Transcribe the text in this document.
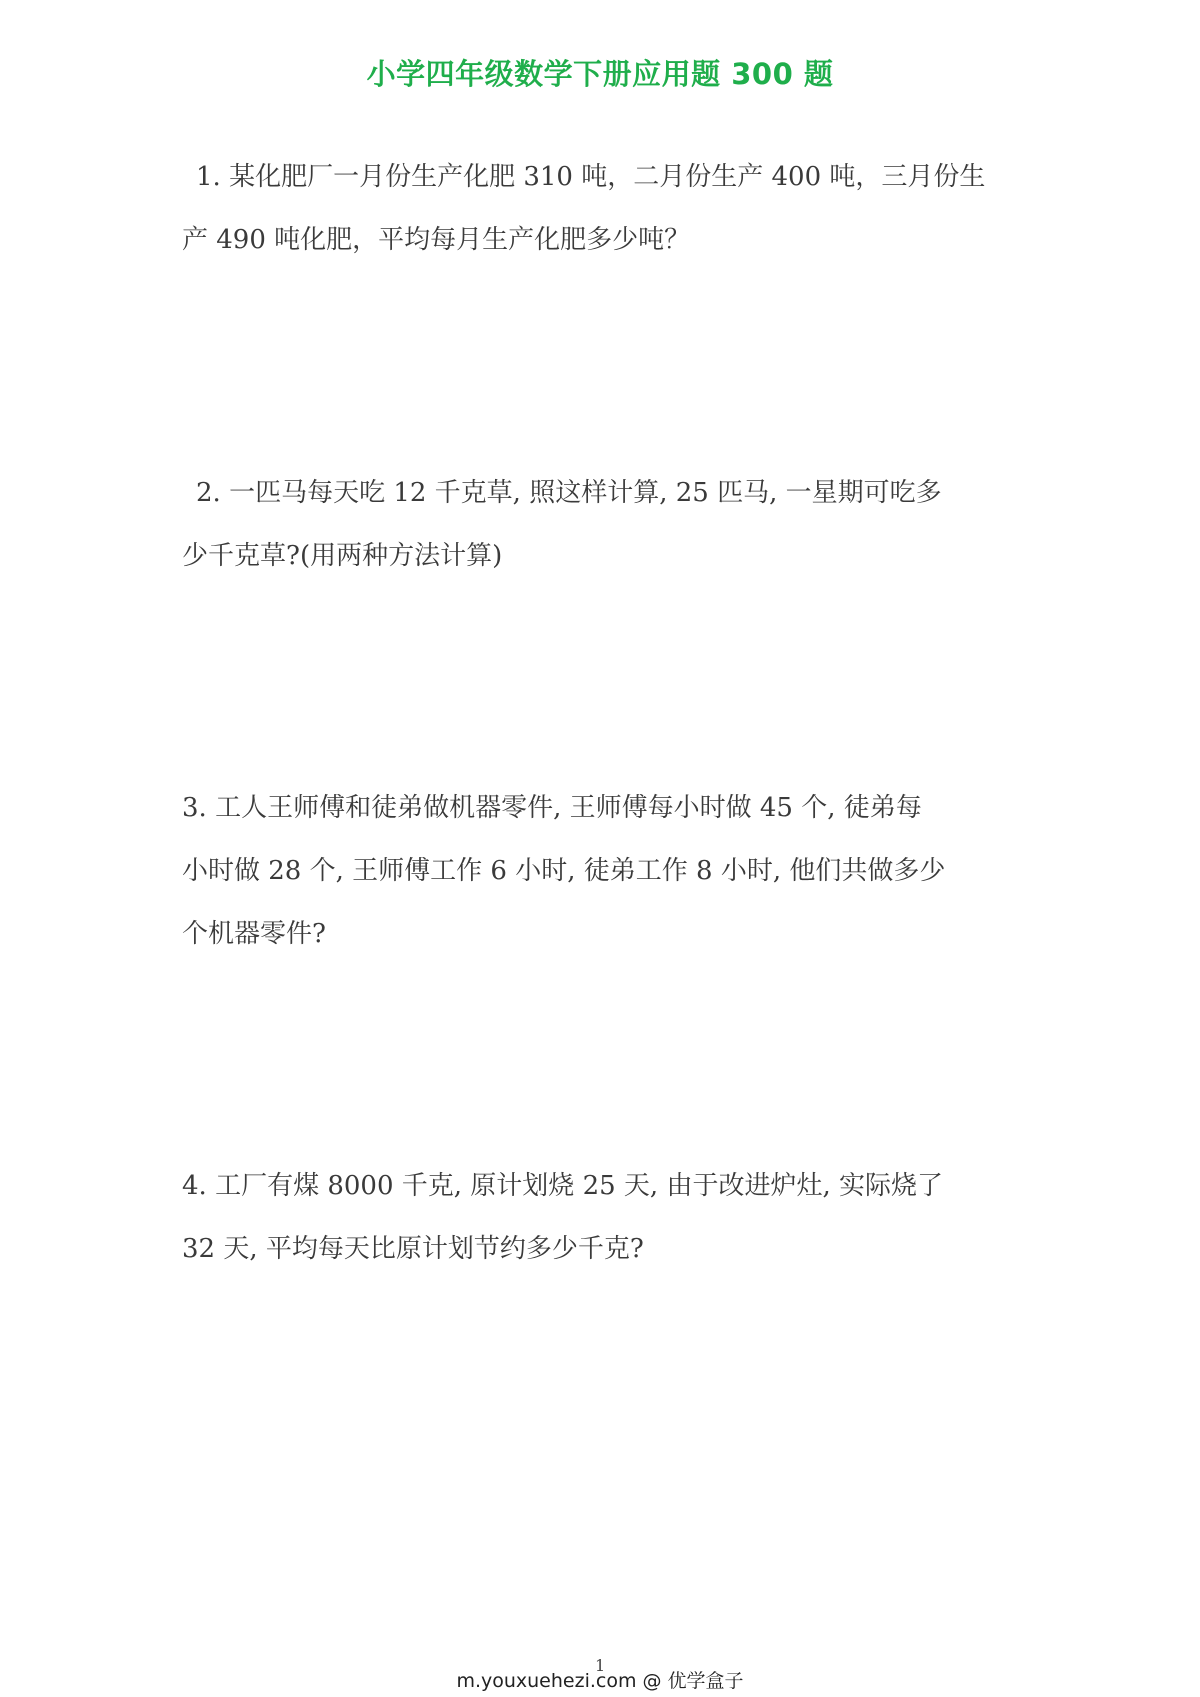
小学四年级数学下册应用题 300 题
1. 某化肥厂一月份生产化肥 310 吨，二月份生产 400 吨，三月份生
产 490 吨化肥，平均每月生产化肥多少吨？
2. 一匹马每天吃 12 千克草, 照这样计算, 25 匹马, 一星期可吃多
少千克草?(用两种方法计算)
3. 工人王师傅和徒弟做机器零件, 王师傅每小时做 45 个, 徒弟每
小时做 28 个, 王师傅工作 6 小时, 徒弟工作 8 小时, 他们共做多少
个机器零件?
4. 工厂有煤 8000 千克, 原计划烧 25 天, 由于改进炉灶, 实际烧了
32 天, 平均每天比原计划节约多少千克?
1
m.youxuehezi.com @ 优学盒子
